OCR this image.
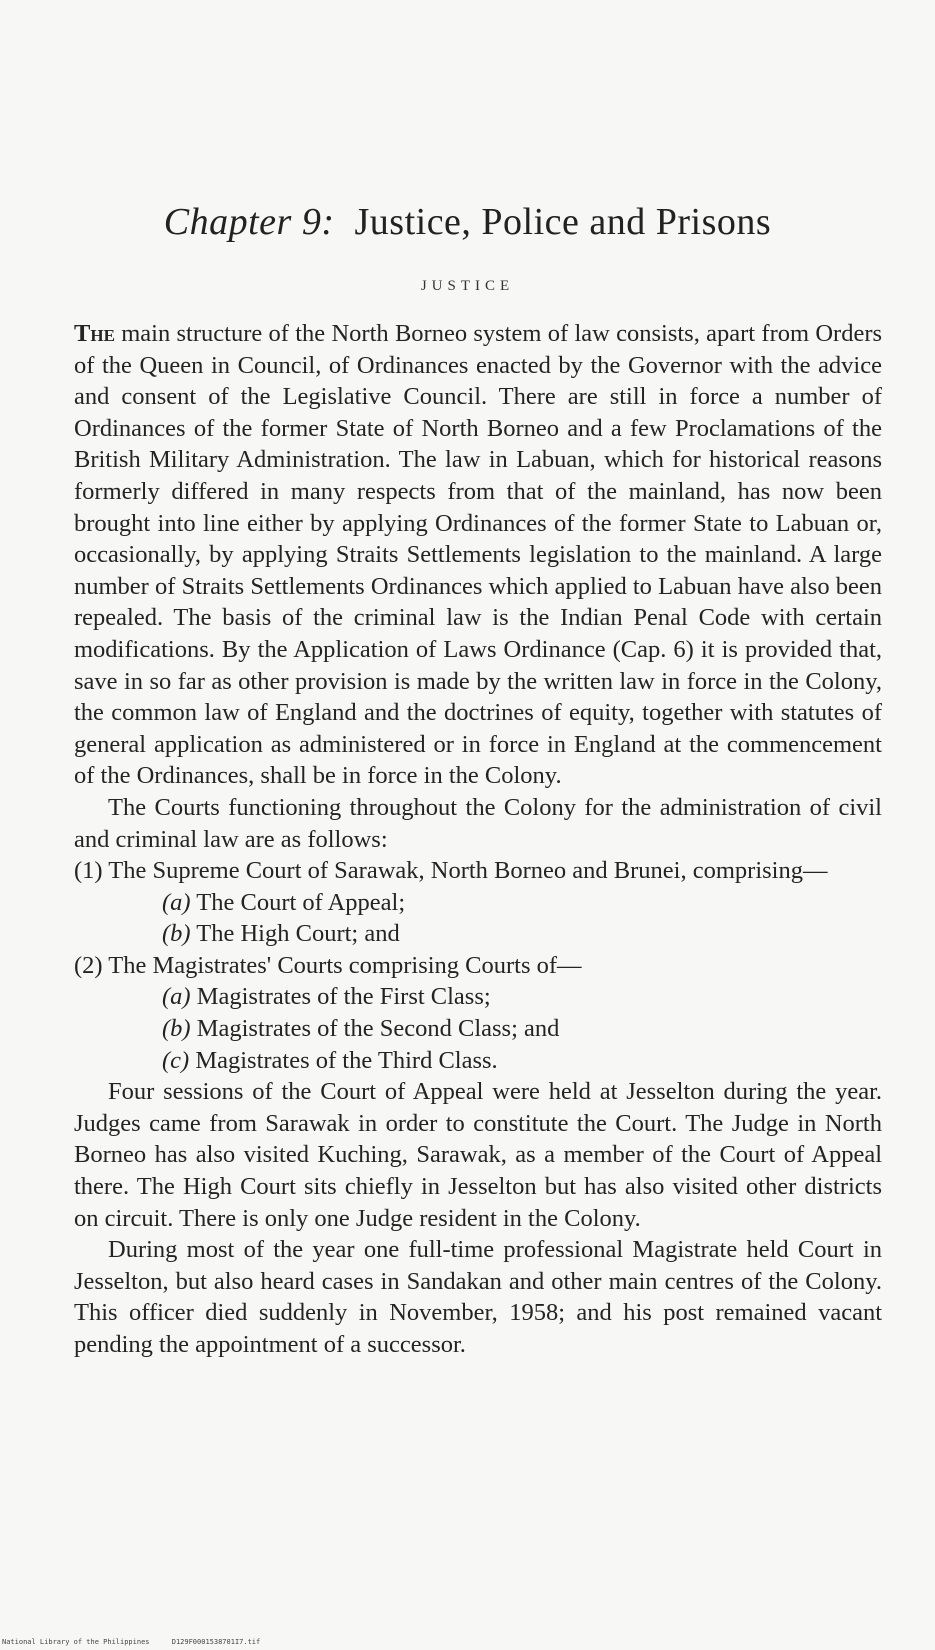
Chapter 9: Justice, Police and Prisons
JUSTICE

The main structure of the North Borneo system of law consists, apart from Orders of the Queen in Council, of Ordinances enacted by the Governor with the advice and consent of the Legislative Council. There are still in force a number of Ordinances of the former State of North Borneo and a few Proclamations of the British Military Administration. The law in Labuan, which for historical reasons formerly differed in many respects from that of the mainland, has now been brought into line either by applying Ordinances of the former State to Labuan or, occasionally, by applying Straits Settlements legislation to the mainland. A large number of Straits Settlements Ordinances which applied to Labuan have also been repealed. The basis of the criminal law is the Indian Penal Code with certain modifications. By the Application of Laws Ordinance (Cap. 6) it is provided that, save in so far as other provision is made by the written law in force in the Colony, the common law of England and the doctrines of equity, together with statutes of general application as administered or in force in England at the commencement of the Ordinances, shall be in force in the Colony.

The Courts functioning throughout the Colony for the administration of civil and criminal law are as follows:

(1) The Supreme Court of Sarawak, North Borneo and Brunei, comprising—

(a) The Court of Appeal;

(b) The High Court; and

(2) The Magistrates' Courts comprising Courts of—

(a) Magistrates of the First Class;

(b) Magistrates of the Second Class; and

(c) Magistrates of the Third Class.

Four sessions of the Court of Appeal were held at Jesselton during the year. Judges came from Sarawak in order to constitute the Court. The Judge in North Borneo has also visited Kuching, Sarawak, as a member of the Court of Appeal there. The High Court sits chiefly in Jesselton but has also visited other districts on circuit. There is only one Judge resident in the Colony.

During most of the year one full-time professional Magistrate held Court in Jesselton, but also heard cases in Sandakan and other main centres of the Colony. This officer died suddenly in November, 1958; and his post remained vacant pending the appointment of a successor.

National Library of the Philippines	D129F0001538701I7.tif
